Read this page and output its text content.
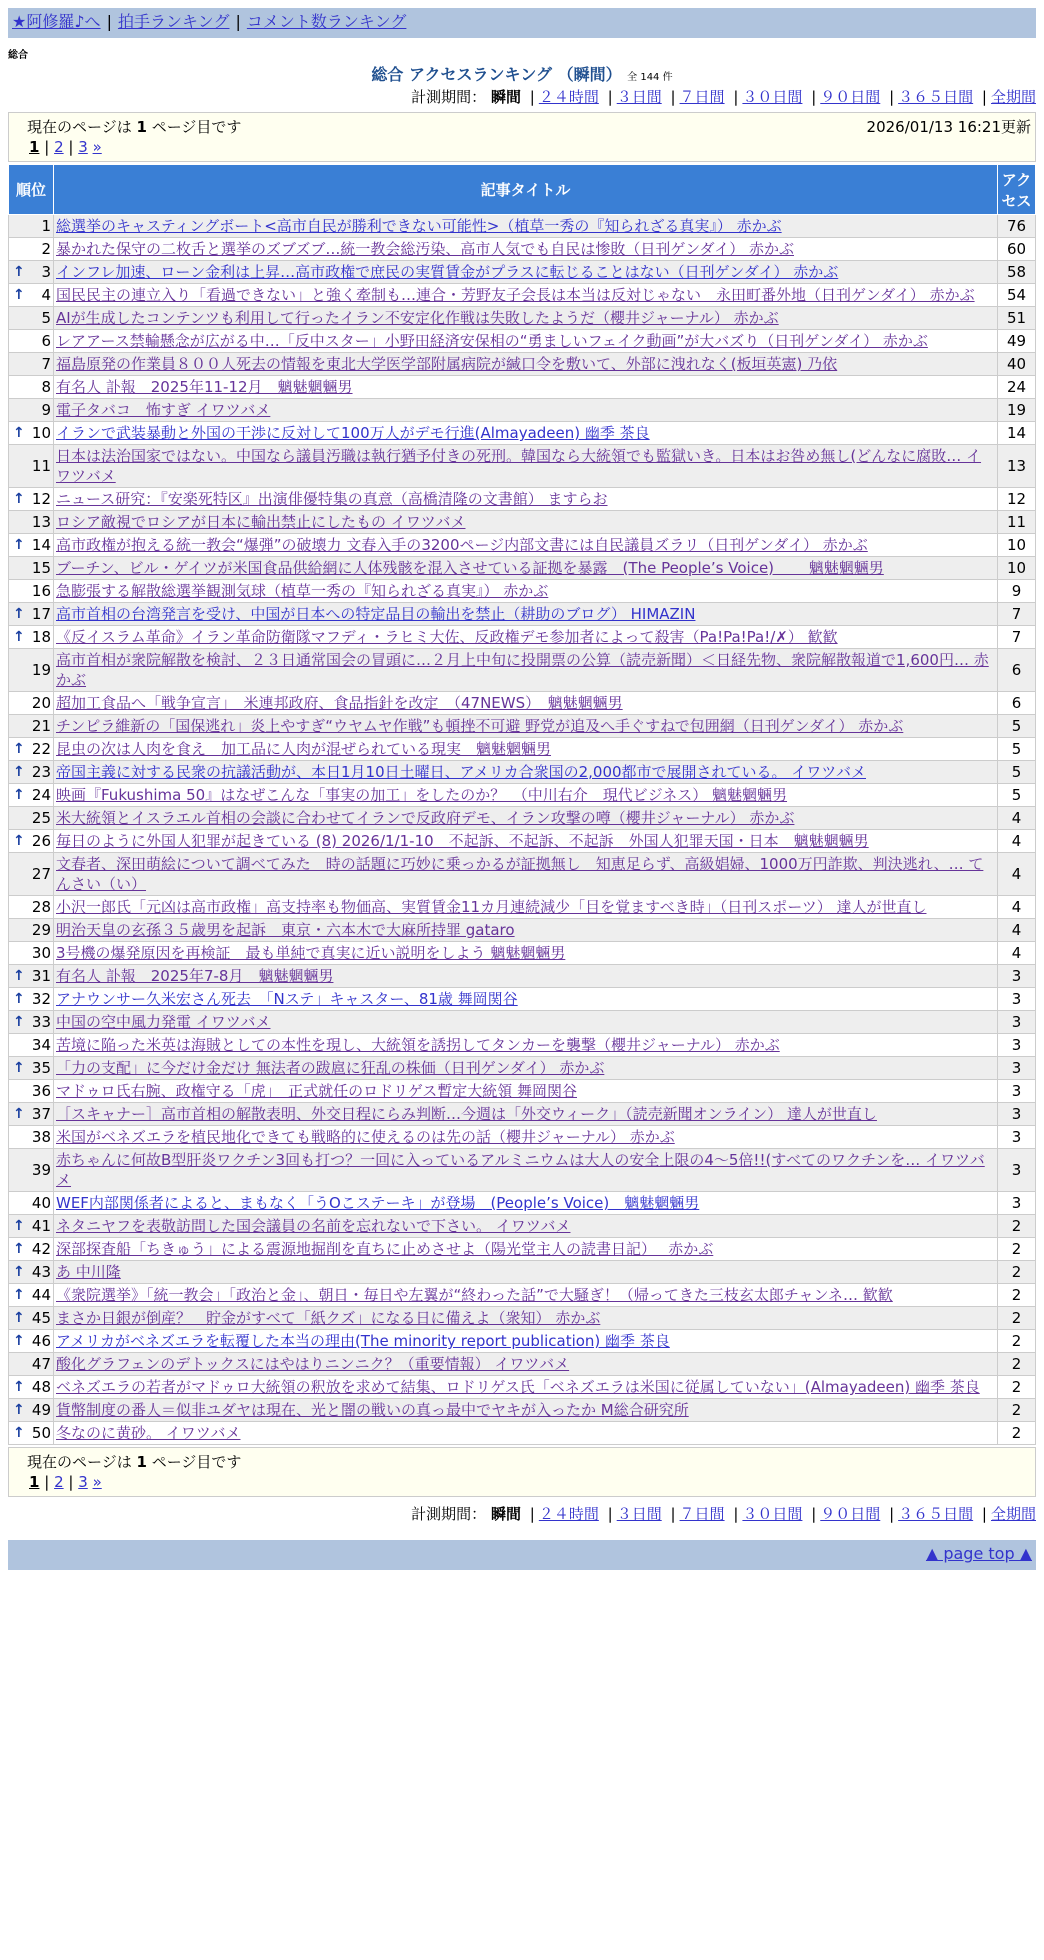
★阿修羅♪へ | 拍手ランキング | コメント数ランキング
総合
総合 アクセスランキング （瞬間） 全 144 件
計測期間： 瞬間 | ２４時間 | ３日間 | ７日間 | ３０日間 | ９０日間 | ３６５日間 | 全期間
現在のページは 1 ページ目です	2026/01/13 16:21更新
1 | 2 | 3 »
順位	記事タイトル	アクセス
1	総選挙のキャスティングボート<高市自民が勝利できない可能性>（植草一秀の『知られざる真実』） 赤かぶ	76
2	暴かれた保守の二枚舌と選挙のズブズブ…統一教会総汚染、高市人気でも自民は惨敗（日刊ゲンダイ） 赤かぶ	60

↑ 3	インフレ加速、ローン金利は上昇…高市政権で庶民の実質賃金がプラスに転じることはない（日刊ゲンダイ） 赤かぶ	58

↑ 4	国民民主の連立入り「看過できない」と強く牽制も…連合・芳野友子会長は本当は反対じゃない　永田町番外地（日刊ゲンダイ） 赤かぶ	54
5	AIが生成したコンテンツも利用して行ったイラン不安定化作戦は失敗したようだ（櫻井ジャーナル） 赤かぶ	51
6	レアアース禁輸懸念が広がる中…「反中スター」小野田経済安保相の“勇ましいフェイク動画”が大バズり（日刊ゲンダイ） 赤かぶ	49
7	福島原発の作業員８００人死去の情報を東北大学医学部附属病院が緘口令を敷いて、外部に洩れなく(板垣英憲) 乃依	40
8	有名人 訃報　2025年11-12月　魑魅魍魎男	24
9	電子タバコ　怖すぎ イワツバメ	19

↑ 10	イランで武装暴動と外国の干渉に反対して100万人がデモ行進(Almayadeen) 幽季 茶良	14
11	日本は法治国家ではない。中国なら議員汚職は執行猶予付きの死刑。韓国なら大統領でも監獄いき。日本はお咎め無し(どんなに腐敗… イワツバメ	13

↑ 12	ニュース研究：『安楽死特区』出演俳優特集の真意（高橋清隆の文書館） ますらお	12
13	ロシア敵視でロシアが日本に輸出禁止にしたもの イワツバメ	11

↑ 14	高市政権が抱える統一教会“爆弾”の破壊力 文春入手の3200ページ内部文書には自民議員ズラリ（日刊ゲンダイ） 赤かぶ	10
15	ブーチン、ビル・ゲイツが米国食品供給網に人体残骸を混入させている証拠を暴露　(The People’s Voice)　　 魑魅魍魎男	10
16	急膨張する解散総選挙観測気球（植草一秀の『知られざる真実』） 赤かぶ	9

↑ 17	高市首相の台湾発言を受け、中国が日本への特定品目の輸出を禁止（耕助のブログ） HIMAZIN	7

↑ 18	《反イスラム革命》イラン革命防衛隊マフディ・ラヒミ大佐、反政権デモ参加者によって殺害（Pa!Pa!Pa!/✗） 歓歓	7
19	高市首相が衆院解散を検討、２３日通常国会の冒頭に…２月上中旬に投開票の公算（読売新聞）＜日経先物、衆院解散報道で1,600円… 赤かぶ	6
20	超加工食品へ「戦争宣言」　米連邦政府、食品指針を改定　（47NEWS）　魑魅魍魎男	6
21	チンピラ維新の「国保逃れ」炎上やすぎ“ウヤムヤ作戦”も頓挫不可避 野党が追及へ手ぐすねで包囲網（日刊ゲンダイ） 赤かぶ	5

↑ 22	昆虫の次は人肉を食え　加工品に人肉が混ぜられている現実　魑魅魍魎男	5

↑ 23	帝国主義に対する民衆の抗議活動が、本日1月10日土曜日、アメリカ合衆国の2,000都市で展開されている。 イワツバメ	5

↑ 24	映画『Fukushima 50』はなぜこんな「事実の加工」をしたのか？　（中川右介　現代ビジネス） 魑魅魍魎男	5
25	米大統領とイスラエル首相の会談に合わせてイランで反政府デモ、イラン攻撃の噂（櫻井ジャーナル） 赤かぶ	4

↑ 26	毎日のように外国人犯罪が起きている (8) 2026/1/1-10　不起訴、不起訴、不起訴　外国人犯罪天国・日本　魑魅魍魎男	4
27	文春者、深田萌絵について調べてみた　時の話題に巧妙に乗っかるが証拠無し　知恵足らず、高級娼婦、1000万円詐欺、判決逃れ、… てんさい（い）	4
28	小沢一郎氏「元凶は高市政権」高支持率も物価高、実質賃金11カ月連続減少「目を覚ますべき時」（日刊スポーツ） 達人が世直し	4
29	明治天皇の玄孫３５歳男を起訴　東京・六本木で大麻所持罪 gataro	4
30	3号機の爆発原因を再検証　最も単純で真実に近い説明をしよう 魑魅魍魎男	4

↑ 31	有名人 訃報　2025年7-8月　魑魅魍魎男	3

↑ 32	アナウンサー久米宏さん死去　「Nステ」キャスター、81歳 舞岡関谷	3

↑ 33	中国の空中風力発電 イワツバメ	3
34	苦境に陥った米英は海賊としての本性を現し、大統領を誘拐してタンカーを襲撃（櫻井ジャーナル） 赤かぶ	3

↑ 35	「力の支配」に今だけ金だけ 無法者の跋扈に狂乱の株価（日刊ゲンダイ） 赤かぶ	3
36	マドゥロ氏右腕、政権守る「虎」　正式就任のロドリゲス暫定大統領 舞岡関谷	3

↑ 37	［スキャナー］高市首相の解散表明、外交日程にらみ判断…今週は「外交ウィーク」（読売新聞オンライン） 達人が世直し	3
38	米国がベネズエラを植民地化できても戦略的に使えるのは先の話（櫻井ジャーナル） 赤かぶ	3
39	赤ちゃんに何故B型肝炎ワクチン3回も打つ？一回に入っているアルミニウムは大人の安全上限の4～5倍!!(すべてのワクチンを… イワツバメ	3
40	WEF内部関係者によると、まもなく「うOこステーキ」が登場　(People’s Voice)　魑魅魍魎男	3

↑ 41	ネタニヤフを表敬訪問した国会議員の名前を忘れないで下さい。 イワツバメ	2

↑ 42	深部探査船「ちきゅう」による震源地掘削を直ちに止めさせよ（陽光堂主人の読書日記）　 赤かぶ	2

↑ 43	あ 中川隆	2

↑ 44	《衆院選挙》「統一教会」「政治と金」、朝日・毎日や左翼が“終わった話”で大騒ぎ！（帰ってきた三枝玄太郎チャンネ… 歓歓	2

↑ 45	まさか日銀が倒産？　貯金がすべて「紙クズ」になる日に備えよ（衆知） 赤かぶ	2

↑ 46	アメリカがベネズエラを転覆した本当の理由(The minority report publication) 幽季 茶良	2
47	酸化グラフェンのデトックスにはやはりニンニク？（重要情報） イワツバメ	2

↑ 48	ベネズエラの若者がマドゥロ大統領の釈放を求めて結集、ロドリゲス氏「ベネズエラは米国に従属していない」(Almayadeen) 幽季 茶良	2

↑ 49	貨幣制度の番人＝似非ユダヤは現在、光と闇の戦いの真っ最中でヤキが入ったか M総合研究所	2

↑ 50	冬なのに黄砂。 イワツバメ	2
現在のページは 1 ページ目です
1 | 2 | 3 »
計測期間： 瞬間 | ２４時間 | ３日間 | ７日間 | ３０日間 | ９０日間 | ３６５日間 | 全期間
▲ page top ▲
